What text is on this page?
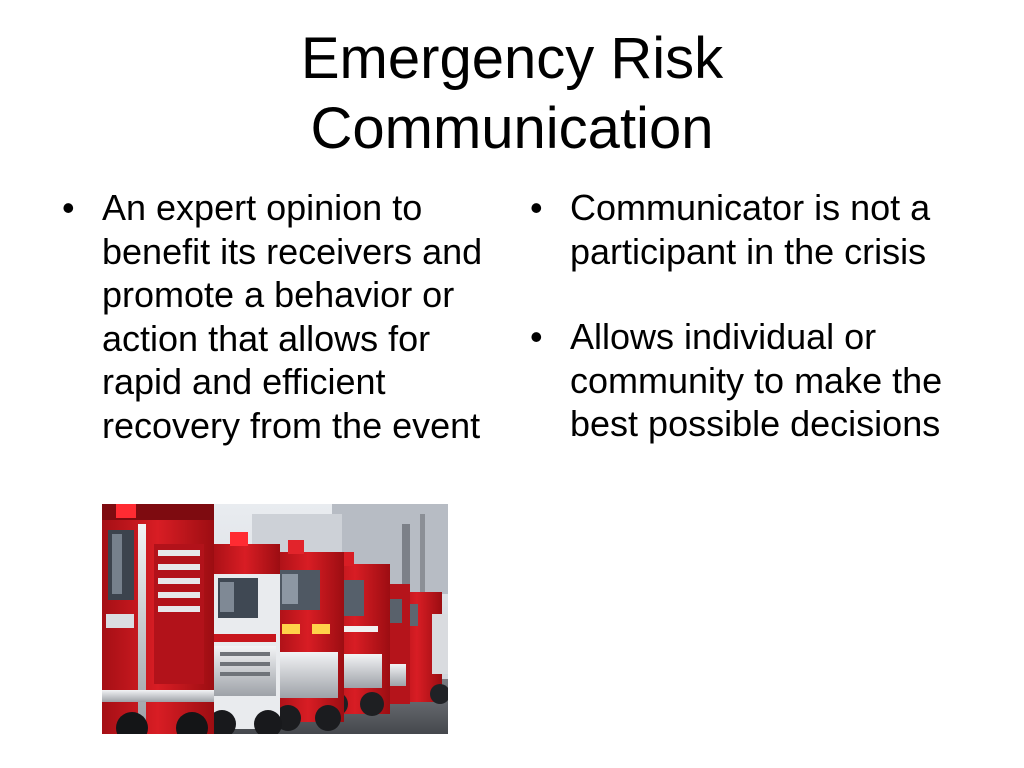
Emergency Risk
Communication
• An expert opinion to benefit its receivers and promote a behavior or action that allows for rapid and efficient recovery from the event
• Communicator is not a participant in the crisis
• Allows individual or community to make the best possible decisions
